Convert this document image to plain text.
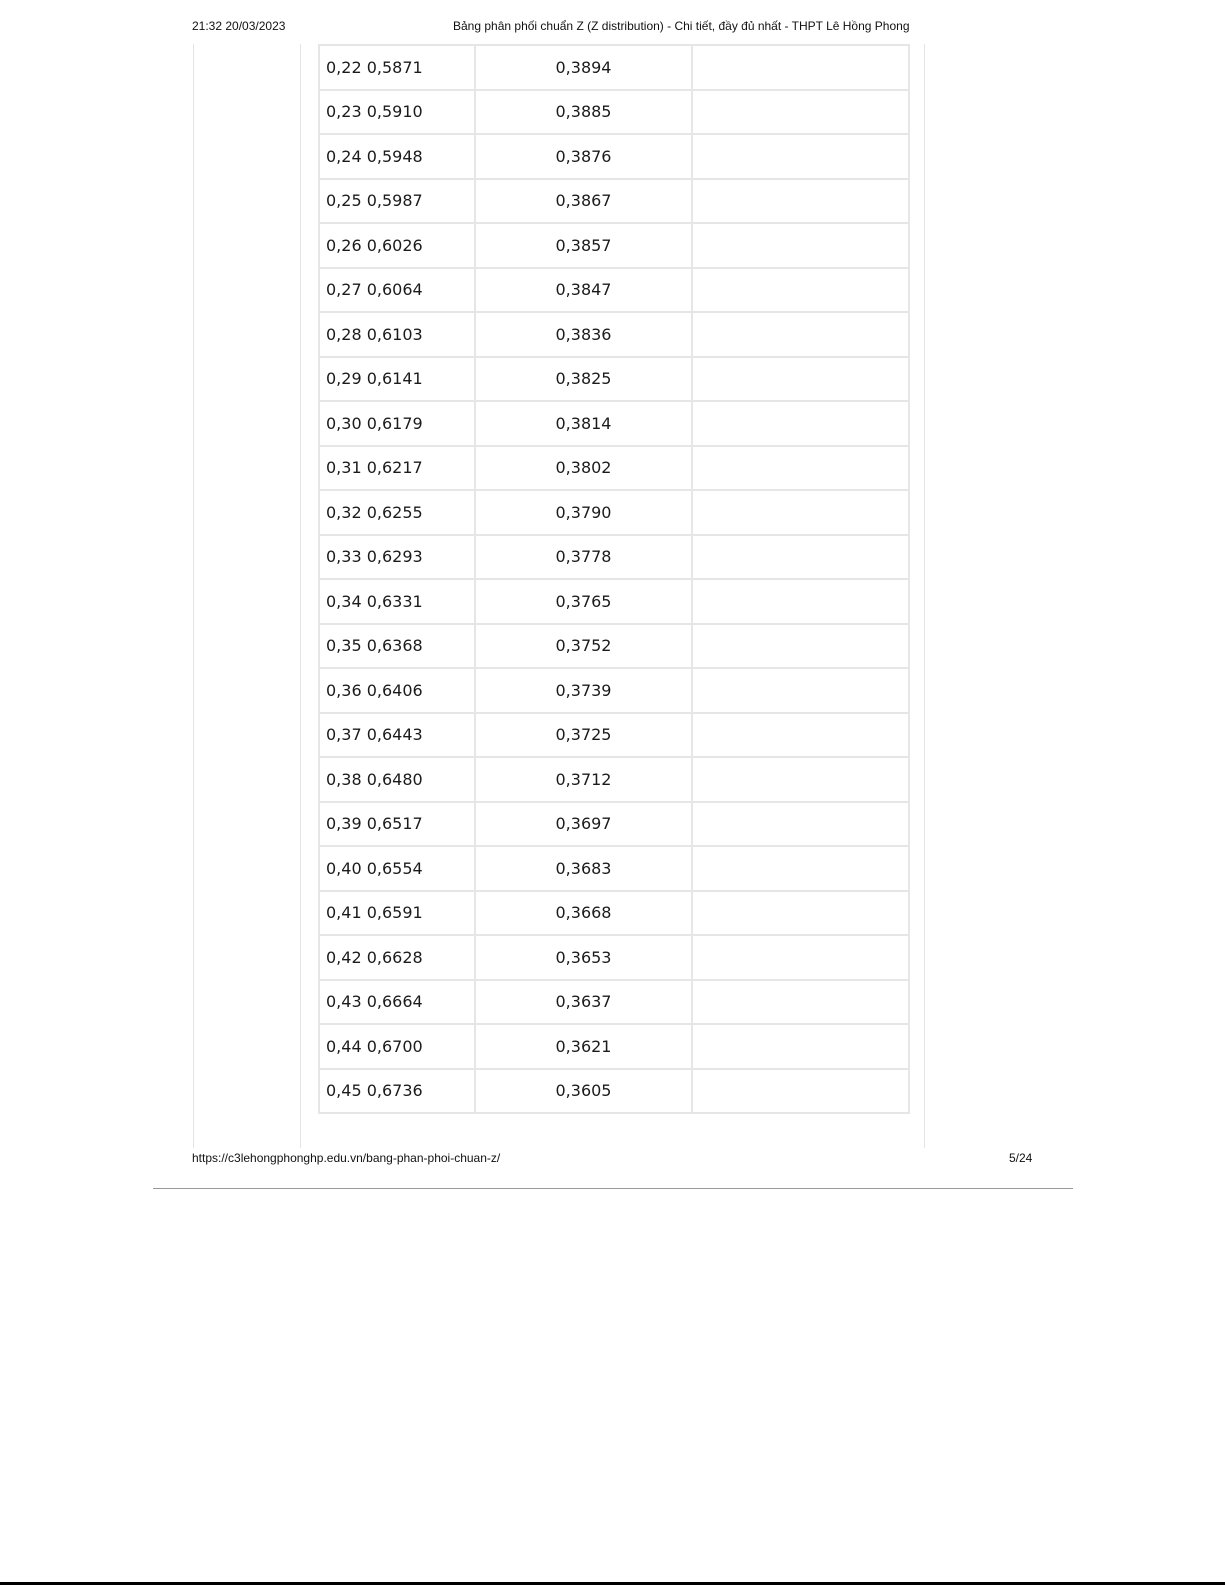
21:32 20/03/2023	Bảng phân phối chuẩn Z (Z distribution) - Chi tiết, đầy đủ nhất - THPT Lê Hồng Phong
0,22 0,5871	0,3894	
0,23 0,5910	0,3885	
0,24 0,5948	0,3876	
0,25 0,5987	0,3867	
0,26 0,6026	0,3857	
0,27 0,6064	0,3847	
0,28 0,6103	0,3836	
0,29 0,6141	0,3825	
0,30 0,6179	0,3814	
0,31 0,6217	0,3802	
0,32 0,6255	0,3790	
0,33 0,6293	0,3778	
0,34 0,6331	0,3765	
0,35 0,6368	0,3752	
0,36 0,6406	0,3739	
0,37 0,6443	0,3725	
0,38 0,6480	0,3712	
0,39 0,6517	0,3697	
0,40 0,6554	0,3683	
0,41 0,6591	0,3668	
0,42 0,6628	0,3653	
0,43 0,6664	0,3637	
0,44 0,6700	0,3621	
0,45 0,6736	0,3605	
https://c3lehongphonghp.edu.vn/bang-phan-phoi-chuan-z/	5/24
